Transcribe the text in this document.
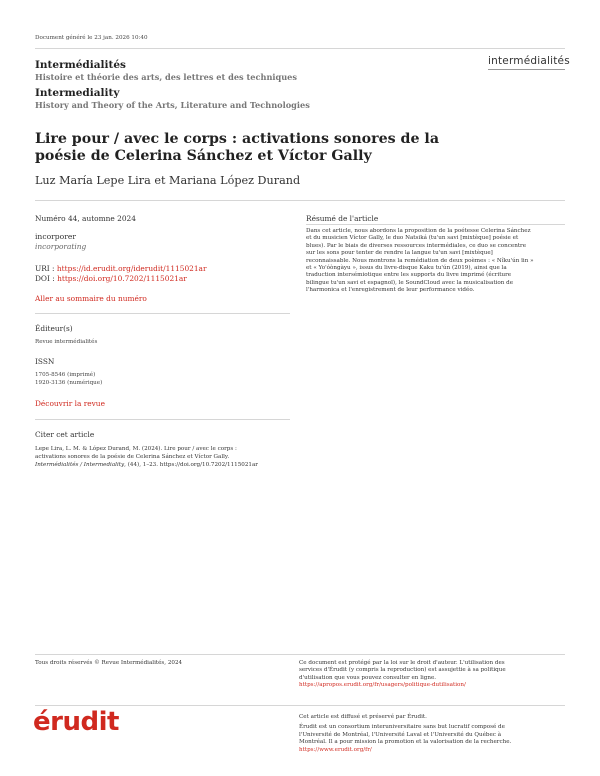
Document généré le 23 jan. 2026 10:40
Intermédialités
Histoire et théorie des arts, des lettres et des techniques
Intermediality
History and Theory of the Arts, Literature and Technologies
intermédialités
Lire pour / avec le corps : activations sonores de la poésie de Celerina Sánchez et Víctor Gally
Luz María Lepe Lira et Mariana López Durand
Numéro 44, automne 2024
incorporer
incorporating
URI : https://id.erudit.org/iderudit/1115021ar
DOI : https://doi.org/10.7202/1115021ar
Aller au sommaire du numéro
Éditeur(s)
Revue intermédialités
ISSN
1705-8546 (imprimé)
1920-3136 (numérique)
Découvrir la revue
Citer cet article
Lepe Lira, L. M. & López Durand, M. (2024). Lire pour / avec le corps :
activations sonores de la poésie de Celerina Sánchez et Víctor Gally.
Intermédialités / Intermediality, (44), 1–23. https://doi.org/10.7202/1115021ar
Résumé de l'article
Dans cet article, nous abordons la proposition de la poétesse Celerina Sánchez
et du musicien Víctor Gally, le duo Natsiká (tu'un savi [mixtèque] poésie et
blues). Par le biais de diverses ressources intermédiales, ce duo se concentre
sur les sons pour tenter de rendre la langue tu'un savi [mixtèque]
reconnaissable. Nous montrons la remédiation de deux poèmes : « Nîku'ún ïin »
et « Yo'óòngàyu », issus du livre-disque Kaku tu'ún (2019), ainsi que la
traduction intersémiotique entre les supports du livre imprimé (écriture
bilingue tu'un savi et espagnol), le SoundCloud avec la musicalisation de
l'harmonica et l'enregistrement de leur performance vidéo.
Tous droits réservés © Revue Intermédialités, 2024	Ce document est protégé par la loi sur le droit d'auteur. L'utilisation des
services d'Érudit (y compris la reproduction) est assujettie à sa politique
d'utilisation que vous pouvez consulter en ligne.
https://apropos.erudit.org/fr/usagers/politique-dutilisation/
érudit	Cet article est diffusé et préservé par Érudit.
Érudit est un consortium interuniversitaire sans but lucratif composé de
l'Université de Montréal, l'Université Laval et l'Université du Québec à
Montréal. Il a pour mission la promotion et la valorisation de la recherche.
https://www.erudit.org/fr/
